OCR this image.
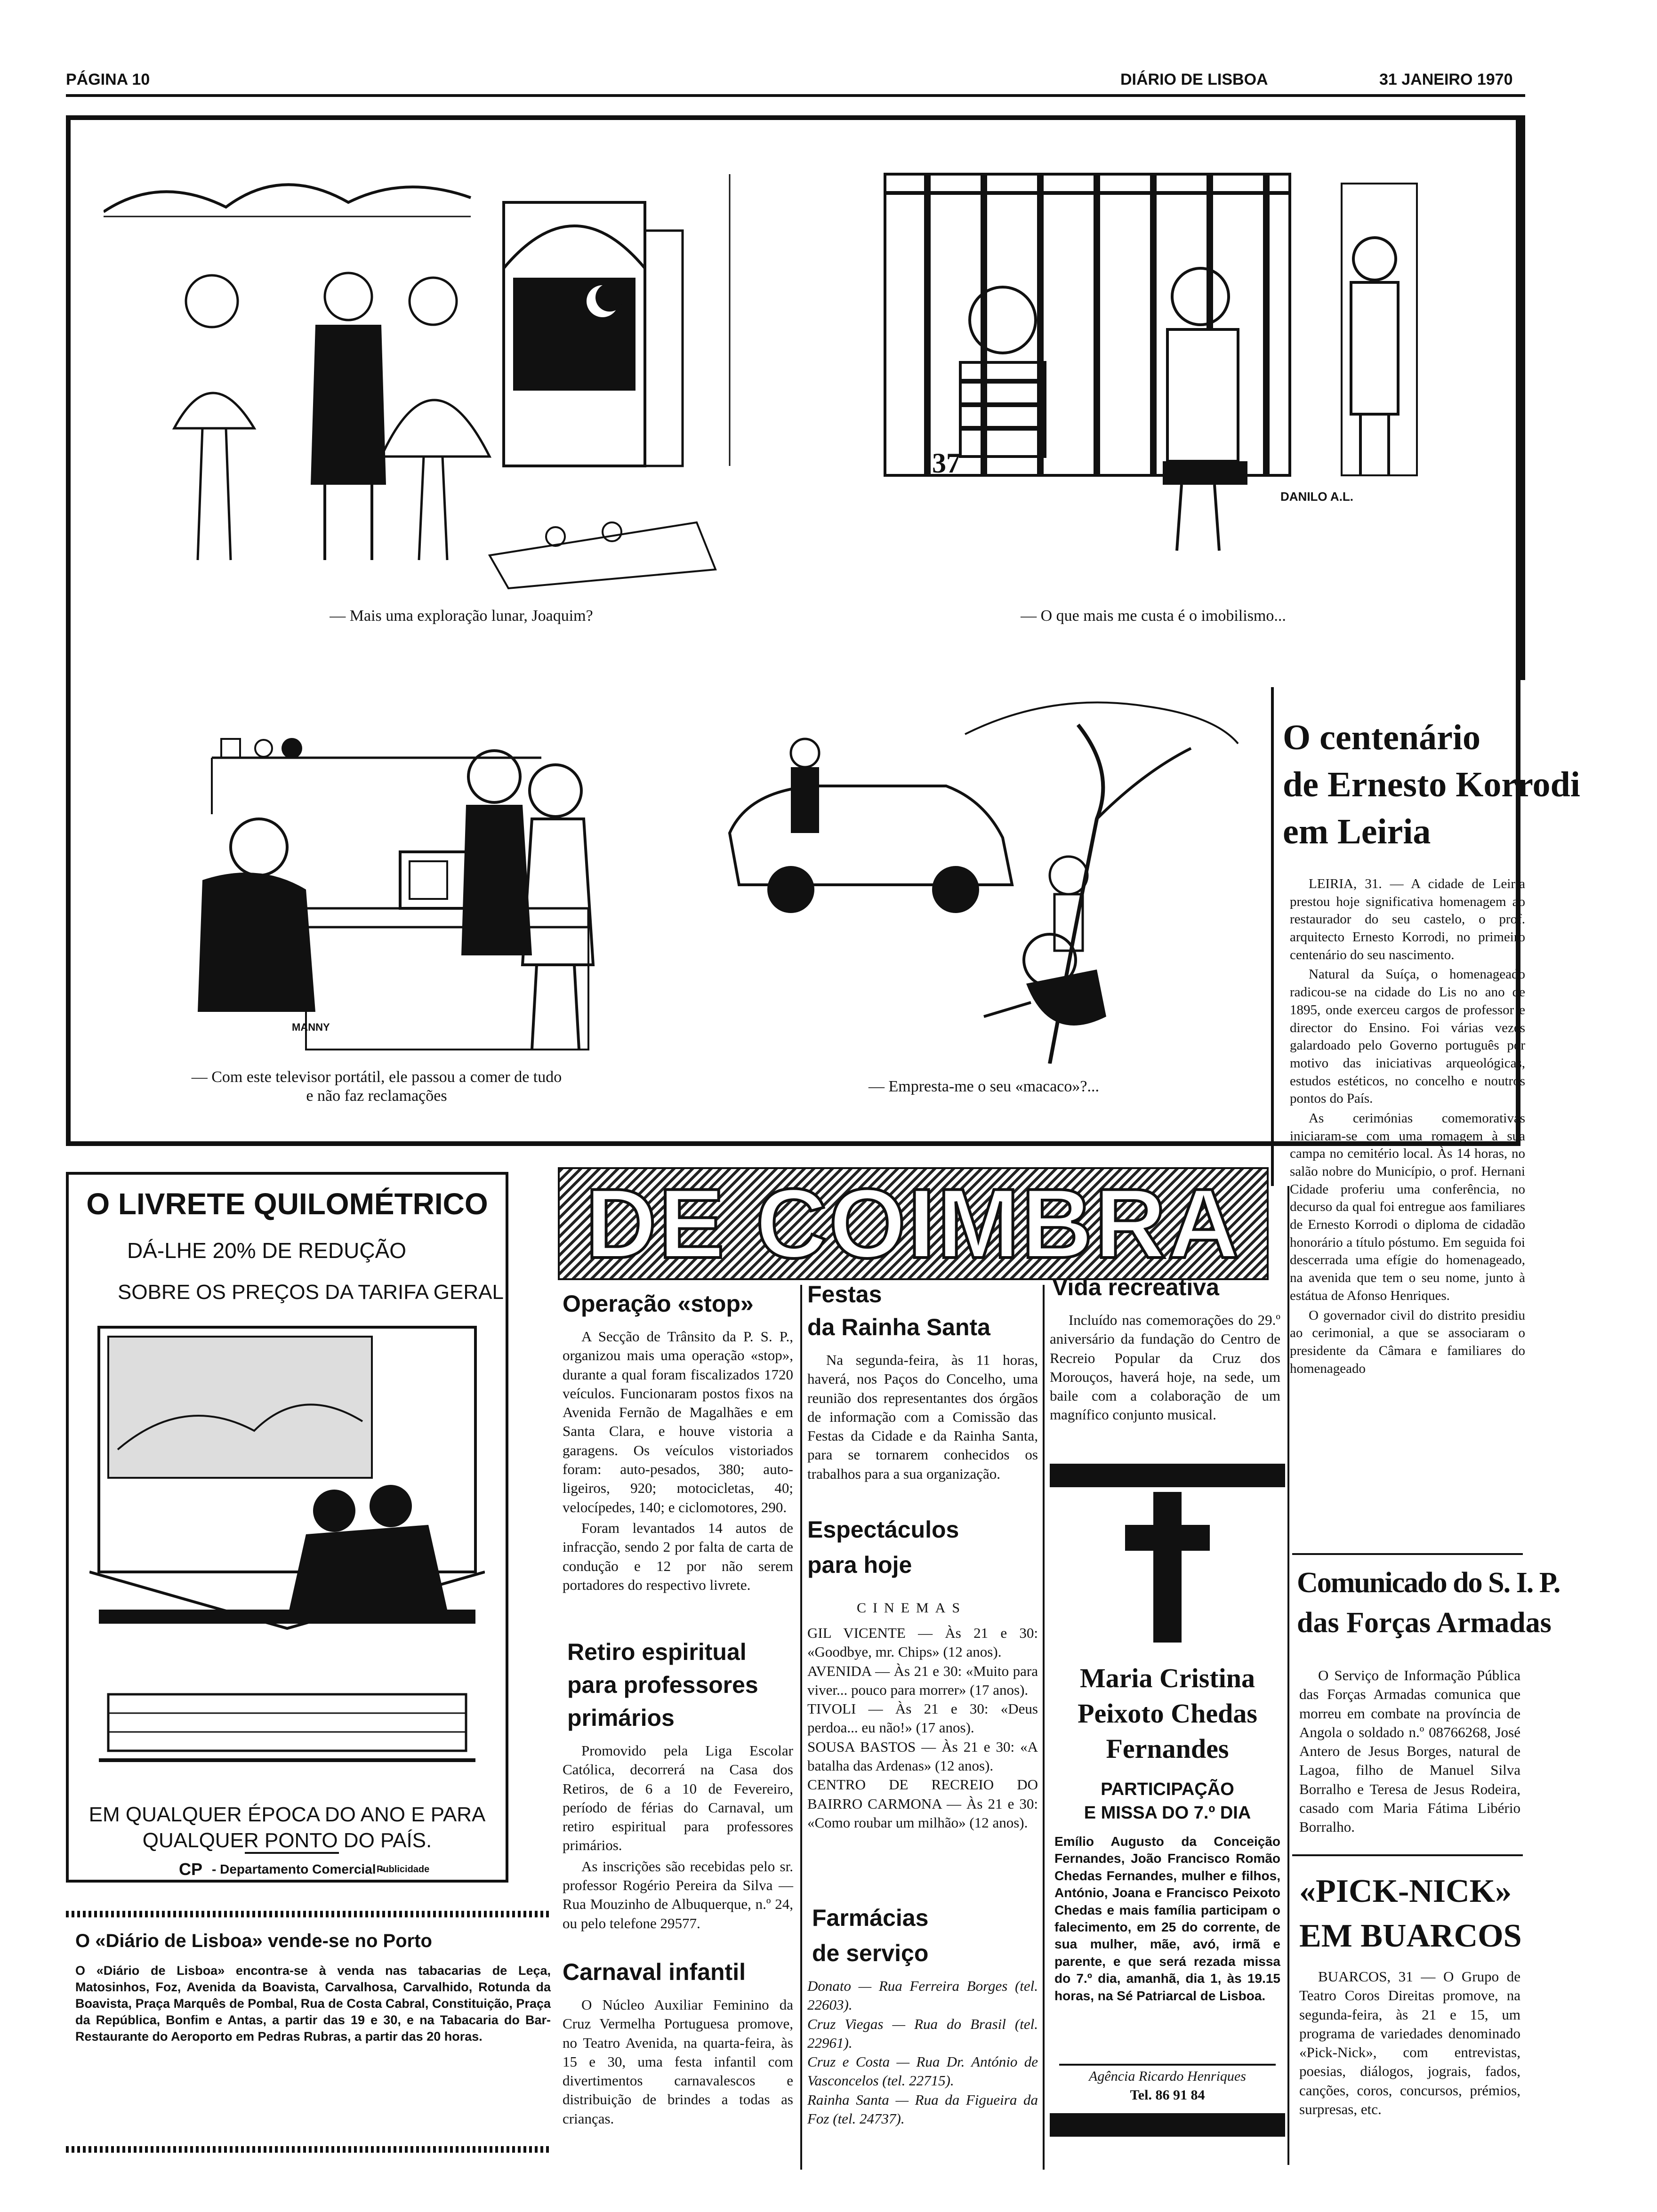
PÁGINA 10	DIÁRIO DE LISBOA	31 JANEIRO 1970
— Mais uma exploração lunar, Joaquim?
37
DANILO A.L.
— O que mais me custa é o imobilismo...
O centenário
de Ernesto Korrodi
em Leiria

LEIRIA, 31. — A cidade de Leiria prestou hoje significativa homenagem ao restaurador do seu castelo, o prof. arquitecto Ernesto Korrodi, no primeiro centenário do seu nascimento.

Natural da Suíça, o homenageado radicou-se na cidade do Lis no ano de 1895, onde exerceu cargos de professor e director do Ensino. Foi várias vezes galardoado pelo Governo português por motivo das iniciativas arqueológicas, estudos estéticos, no concelho e noutros pontos do País.

As cerimónias comemorativas iniciaram-se com uma romagem à sua campa no cemitério local. Às 14 horas, no salão nobre do Município, o prof. Hernani Cidade proferiu uma conferência, no decurso da qual foi entregue aos familiares de Ernesto Korrodi o diploma de cidadão honorário a título póstumo. Em seguida foi descerrada uma efígie do homenageado, na avenida que tem o seu nome, junto à estátua de Afonso Henriques.

O governador civil do distrito presidiu ao cerimonial, a que se associaram o presidente da Câmara e familiares do homenageado

MANNY
— Com este televisor portátil, ele passou a comer de tudo
e não faz reclamações
— Empresta-me o seu «macaco»?...
O LIVRETE QUILOMÉTRICO
DÁ-LHE 20% DE REDUÇÃO
SOBRE OS PREÇOS DA TARIFA GERAL
EM QUALQUER ÉPOCA DO ANO E PARA
QUALQUER PONTO DO PAÍS.
CP - Departamento Comercial -
Publicidade
O «Diário de Lisboa» vende-se no Porto
O «Diário de Lisboa» encontra-se à venda nas tabacarias de Leça, Matosinhos, Foz, Avenida da Boavista, Carvalhosa, Carvalhido, Rotunda da Boavista, Praça Marquês de Pombal, Rua de Costa Cabral, Constituição, Praça da República, Bonfim e Antas, a partir das 19 e 30, e na Tabacaria do Bar-Restaurante do Aeroporto em Pedras Rubras, a partir das 20 horas.
DE COIMBRA
Operação «stop»

A Secção de Trânsito da P. S. P., organizou mais uma operação «stop», durante a qual foram fiscalizados 1720 veículos. Funcionaram postos fixos na Avenida Fernão de Magalhães e em Santa Clara, e houve vistoria a garagens. Os veículos vistoriados foram: auto-pesados, 380; auto-ligeiros, 920; motocicletas, 40; velocípedes, 140; e ciclomotores, 290.

Foram levantados 14 autos de infracção, sendo 2 por falta de carta de condução e 12 por não serem portadores do respectivo livrete.

Retiro espiritual
para professores
primários

Promovido pela Liga Escolar Católica, decorrerá na Casa dos Retiros, de 6 a 10 de Fevereiro, período de férias do Carnaval, um retiro espiritual para professores primários.

As inscrições são recebidas pelo sr. professor Rogério Pereira da Silva — Rua Mouzinho de Albuquerque, n.º 24, ou pelo telefone 29577.

Carnaval infantil

O Núcleo Auxiliar Feminino da Cruz Vermelha Portuguesa promove, no Teatro Avenida, na quarta-feira, às 15 e 30, uma festa infantil com divertimentos carnavalescos e distribuição de brindes a todas as crianças.

Festas
da Rainha Santa

Na segunda-feira, às 11 horas, haverá, nos Paços do Concelho, uma reunião dos representantes dos órgãos de informação com a Comissão das Festas da Cidade e da Rainha Santa, para se tornarem conhecidos os trabalhos para a sua organização.

Espectáculos
para hoje
CINEMAS
GIL VICENTE — Às 21 e 30: «Goodbye, mr. Chips» (12 anos).
AVENIDA — Às 21 e 30: «Muito para viver... pouco para morrer» (17 anos).
TIVOLI — Às 21 e 30: «Deus perdoa... eu não!» (17 anos).
SOUSA BASTOS — Às 21 e 30: «A batalha das Ardenas» (12 anos).
CENTRO DE RECREIO DO BAIRRO CARMONA — Às 21 e 30: «Como roubar um milhão» (12 anos).
Farmácias
de serviço
Donato — Rua Ferreira Borges (tel. 22603).
Cruz Viegas — Rua do Brasil (tel. 22961).
Cruz e Costa — Rua Dr. António de Vasconcelos (tel. 22715).
Rainha Santa — Rua da Figueira da Foz (tel. 24737).
Vida recreativa

Incluído nas comemorações do 29.º aniversário da fundação do Centro de Recreio Popular da Cruz dos Morouços, haverá hoje, na sede, um baile com a colaboração de um magnífico conjunto musical.

Maria Cristina
Peixoto Chedas
Fernandes
PARTICIPAÇÃO
E MISSA DO 7.º DIA
Emílio Augusto da Conceição Fernandes, João Francisco Romão Chedas Fernandes, mulher e filhos, António, Joana e Francisco Peixoto Chedas e mais família participam o falecimento, em 25 do corrente, de sua mulher, mãe, avó, irmã e parente, e que será rezada missa do 7.º dia, amanhã, dia 1, às 19.15 horas, na Sé Patriarcal de Lisboa.
Agência Ricardo Henriques
Tel. 86 91 84
Comunicado do S. I. P.
das Forças Armadas

O Serviço de Informação Pública das Forças Armadas comunica que morreu em combate na província de Angola o soldado n.º 08766268, José Antero de Jesus Borges, natural de Lagoa, filho de Manuel Silva Borralho e Teresa de Jesus Rodeira, casado com Maria Fátima Libério Borralho.

«PICK-NICK»
EM BUARCOS

BUARCOS, 31 — O Grupo de Teatro Coros Direitas promove, na segunda-feira, às 21 e 15, um programa de variedades denominado «Pick-Nick», com entrevistas, poesias, diálogos, jograis, fados, canções, coros, concursos, prémios, surpresas, etc.
